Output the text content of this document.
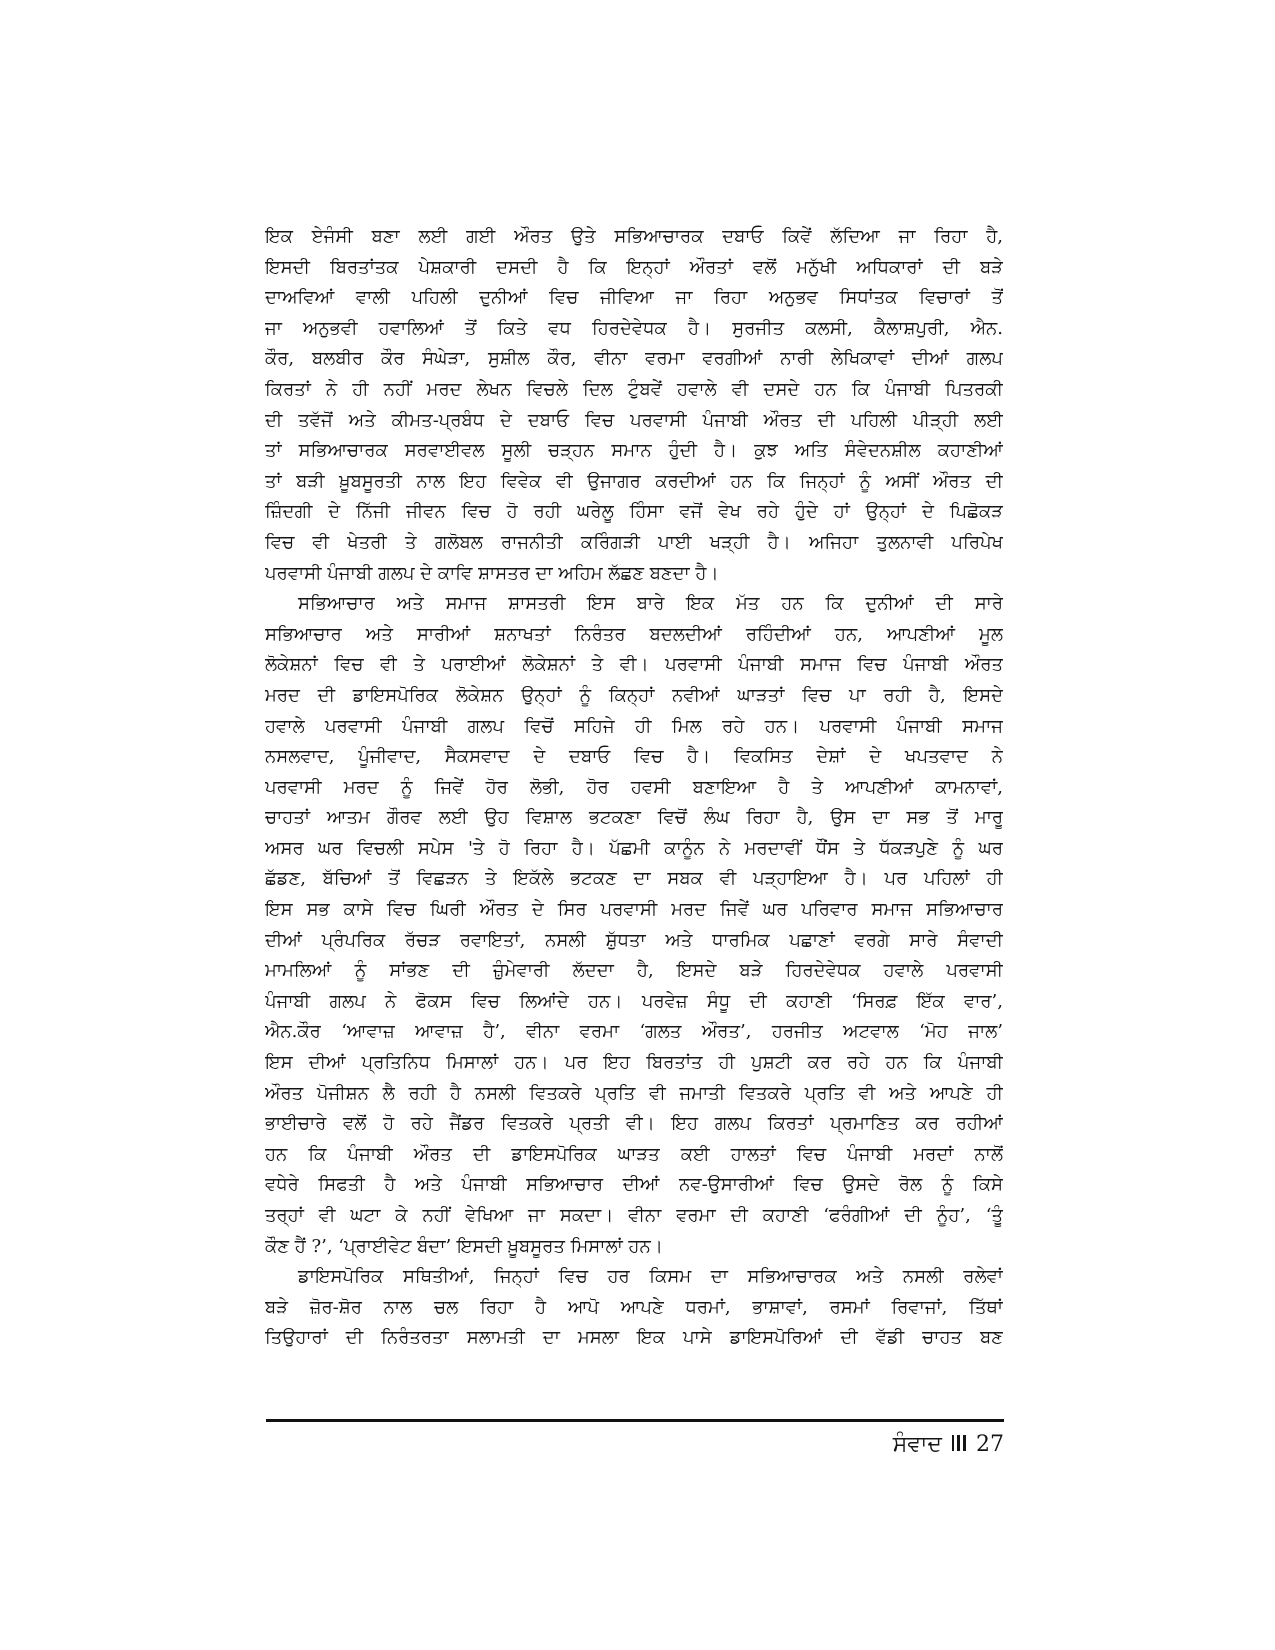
ਇਕ ਏਜੰਸੀ ਬਣਾ ਲਈ ਗਈ ਔਰਤ ਉਤੇ ਸਭਿਆਚਾਰਕ ਦਬਾਓ ਕਿਵੇਂ ਲੱਦਿਆ ਜਾ ਰਿਹਾ ਹੈ,
ਇਸਦੀ ਬਿਰਤਾਂਤਕ ਪੇਸ਼ਕਾਰੀ ਦਸਦੀ ਹੈ ਕਿ ਇਨ੍ਹਾਂ ਔਰਤਾਂ ਵਲੋਂ ਮਨੁੱਖੀ ਅਧਿਕਾਰਾਂ ਦੀ ਬੜੇ
ਦਾਅਵਿਆਂ ਵਾਲੀ ਪਹਿਲੀ ਦੁਨੀਆਂ ਵਿਚ ਜੀਵਿਆ ਜਾ ਰਿਹਾ ਅਨੁਭਵ ਸਿਧਾਂਤਕ ਵਿਚਾਰਾਂ ਤੋਂ
ਜਾ ਅਨੁਭਵੀ ਹਵਾਲਿਆਂ ਤੋਂ ਕਿਤੇ ਵਧ ਹਿਰਦੇਵੇਧਕ ਹੈ। ਸੁਰਜੀਤ ਕਲਸੀ, ਕੈਲਾਸ਼ਪੁਰੀ, ਐਨ.
ਕੌਰ, ਬਲਬੀਰ ਕੌਰ ਸੰਘੇੜਾ, ਸੁਸ਼ੀਲ ਕੌਰ, ਵੀਨਾ ਵਰਮਾ ਵਰਗੀਆਂ ਨਾਰੀ ਲੇਖਿਕਾਵਾਂ ਦੀਆਂ ਗਲਪ
ਕਿਰਤਾਂ ਨੇ ਹੀ ਨਹੀਂ ਮਰਦ ਲੇਖਨ ਵਿਚਲੇ ਦਿਲ ਟੁੰਬਵੇਂ ਹਵਾਲੇ ਵੀ ਦਸਦੇ ਹਨ ਕਿ ਪੰਜਾਬੀ ਪਿਤਰਕੀ
ਦੀ ਤਵੱਜੋਂ ਅਤੇ ਕੀਮਤ-ਪ੍ਰਬੰਧ ਦੇ ਦਬਾਓ ਵਿਚ ਪਰਵਾਸੀ ਪੰਜਾਬੀ ਔਰਤ ਦੀ ਪਹਿਲੀ ਪੀੜ੍ਹੀ ਲਈ
ਤਾਂ ਸਭਿਆਚਾਰਕ ਸਰਵਾਈਵਲ ਸੂਲੀ ਚੜ੍ਹਨ ਸਮਾਨ ਹੁੰਦੀ ਹੈ। ਕੁਝ ਅਤਿ ਸੰਵੇਦਨਸ਼ੀਲ ਕਹਾਣੀਆਂ
ਤਾਂ ਬੜੀ ਖ਼ੂਬਸੂਰਤੀ ਨਾਲ ਇਹ ਵਿਵੇਕ ਵੀ ਉਜਾਗਰ ਕਰਦੀਆਂ ਹਨ ਕਿ ਜਿਨ੍ਹਾਂ ਨੂੰ ਅਸੀਂ ਔਰਤ ਦੀ
ਜ਼ਿੰਦਗੀ ਦੇ ਨਿੱਜੀ ਜੀਵਨ ਵਿਚ ਹੋ ਰਹੀ ਘਰੇਲੂ ਹਿੰਸਾ ਵਜੋਂ ਵੇਖ ਰਹੇ ਹੁੰਦੇ ਹਾਂ ਉਨ੍ਹਾਂ ਦੇ ਪਿਛੋਕੜ
ਵਿਚ ਵੀ ਖੇਤਰੀ ਤੇ ਗਲੋਬਲ ਰਾਜਨੀਤੀ ਕਰਿੰਗੜੀ ਪਾਈ ਖੜ੍ਹੀ ਹੈ। ਅਜਿਹਾ ਤੁਲਨਾਵੀ ਪਰਿਪੇਖ
ਪਰਵਾਸੀ ਪੰਜਾਬੀ ਗਲਪ ਦੇ ਕਾਵਿ ਸ਼ਾਸਤਰ ਦਾ ਅਹਿਮ ਲੱਛਣ ਬਣਦਾ ਹੈ।

ਸਭਿਆਚਾਰ ਅਤੇ ਸਮਾਜ ਸ਼ਾਸਤਰੀ ਇਸ ਬਾਰੇ ਇਕ ਮੱਤ ਹਨ ਕਿ ਦੁਨੀਆਂ ਦੀ ਸਾਰੇ
ਸਭਿਆਚਾਰ ਅਤੇ ਸਾਰੀਆਂ ਸ਼ਨਾਖਤਾਂ ਨਿਰੰਤਰ ਬਦਲਦੀਆਂ ਰਹਿੰਦੀਆਂ ਹਨ, ਆਪਣੀਆਂ ਮੂਲ
ਲੋਕੇਸ਼ਨਾਂ ਵਿਚ ਵੀ ਤੇ ਪਰਾਈਆਂ ਲੋਕੇਸ਼ਨਾਂ ਤੇ ਵੀ। ਪਰਵਾਸੀ ਪੰਜਾਬੀ ਸਮਾਜ ਵਿਚ ਪੰਜਾਬੀ ਔਰਤ
ਮਰਦ ਦੀ ਡਾਇਸਪੋਰਿਕ ਲੋਕੇਸ਼ਨ ਉਨ੍ਹਾਂ ਨੂੰ ਕਿਨ੍ਹਾਂ ਨਵੀਆਂ ਘਾੜਤਾਂ ਵਿਚ ਪਾ ਰਹੀ ਹੈ, ਇਸਦੇ
ਹਵਾਲੇ ਪਰਵਾਸੀ ਪੰਜਾਬੀ ਗਲਪ ਵਿਚੋਂ ਸਹਿਜੇ ਹੀ ਮਿਲ ਰਹੇ ਹਨ। ਪਰਵਾਸੀ ਪੰਜਾਬੀ ਸਮਾਜ
ਨਸਲਵਾਦ, ਪੂੰਜੀਵਾਦ, ਸੈਕਸਵਾਦ ਦੇ ਦਬਾਓ ਵਿਚ ਹੈ। ਵਿਕਸਿਤ ਦੇਸ਼ਾਂ ਦੇ ਖਪਤਵਾਦ ਨੇ
ਪਰਵਾਸੀ ਮਰਦ ਨੂੰ ਜਿਵੇਂ ਹੋਰ ਲੋਭੀ, ਹੋਰ ਹਵਸੀ ਬਣਾਇਆ ਹੈ ਤੇ ਆਪਣੀਆਂ ਕਾਮਨਾਵਾਂ,
ਚਾਹਤਾਂ ਆਤਮ ਗੌਰਵ ਲਈ ਉਹ ਵਿਸ਼ਾਲ ਭਟਕਣਾ ਵਿਚੋਂ ਲੰਘ ਰਿਹਾ ਹੈ, ਉਸ ਦਾ ਸਭ ਤੋਂ ਮਾਰੂ
ਅਸਰ ਘਰ ਵਿਚਲੀ ਸਪੇਸ 'ਤੇ ਹੋ ਰਿਹਾ ਹੈ। ਪੱਛਮੀ ਕਾਨੂੰਨ ਨੇ ਮਰਦਾਵੀਂ ਧੌਂਸ ਤੇ ਧੱਕੜਪੁਣੇ ਨੂੰ ਘਰ
ਛੱਡਣ, ਬੱਚਿਆਂ ਤੋਂ ਵਿਛੜਨ ਤੇ ਇਕੱਲੇ ਭਟਕਣ ਦਾ ਸਬਕ ਵੀ ਪੜ੍ਹਾਇਆ ਹੈ। ਪਰ ਪਹਿਲਾਂ ਹੀ
ਇਸ ਸਭ ਕਾਸੇ ਵਿਚ ਘਿਰੀ ਔਰਤ ਦੇ ਸਿਰ ਪਰਵਾਸੀ ਮਰਦ ਜਿਵੇਂ ਘਰ ਪਰਿਵਾਰ ਸਮਾਜ ਸਭਿਆਚਾਰ
ਦੀਆਂ ਪ੍ਰੰਪਰਿਕ ਰੱਚੜ ਰਵਾਇਤਾਂ, ਨਸਲੀ ਸ਼ੁੱਧਤਾ ਅਤੇ ਧਾਰਮਿਕ ਪਛਾਣਾਂ ਵਰਗੇ ਸਾਰੇ ਸੰਵਾਦੀ
ਮਾਮਲਿਆਂ ਨੂੰ ਸਾਂਭਣ ਦੀ ਜ਼ੁੰਮੇਵਾਰੀ ਲੱਦਦਾ ਹੈ, ਇਸਦੇ ਬੜੇ ਹਿਰਦੇਵੇਧਕ ਹਵਾਲੇ ਪਰਵਾਸੀ
ਪੰਜਾਬੀ ਗਲਪ ਨੇ ਫੋਕਸ ਵਿਚ ਲਿਆਂਦੇ ਹਨ। ਪਰਵੇਜ਼ ਸੰਧੂ ਦੀ ਕਹਾਣੀ ‘ਸਿਰਫ਼ ਇੱਕ ਵਾਰ’,
ਐਨ.ਕੌਰ ‘ਆਵਾਜ਼ ਆਵਾਜ਼ ਹੈ’, ਵੀਨਾ ਵਰਮਾ ‘ਗਲਤ ਔਰਤ’, ਹਰਜੀਤ ਅਟਵਾਲ ‘ਮੋਹ ਜਾਲ’
ਇਸ ਦੀਆਂ ਪ੍ਰਤਿਨਿਧ ਮਿਸਾਲਾਂ ਹਨ। ਪਰ ਇਹ ਬਿਰਤਾਂਤ ਹੀ ਪੁਸ਼ਟੀ ਕਰ ਰਹੇ ਹਨ ਕਿ ਪੰਜਾਬੀ
ਔਰਤ ਪੋਜੀਸ਼ਨ ਲੈ ਰਹੀ ਹੈ ਨਸਲੀ ਵਿਤਕਰੇ ਪ੍ਰਤਿ ਵੀ ਜਮਾਤੀ ਵਿਤਕਰੇ ਪ੍ਰਤਿ ਵੀ ਅਤੇ ਆਪਣੇ ਹੀ
ਭਾਈਚਾਰੇ ਵਲੋਂ ਹੋ ਰਹੇ ਜੈਂਡਰ ਵਿਤਕਰੇ ਪ੍ਰਤੀ ਵੀ। ਇਹ ਗਲਪ ਕਿਰਤਾਂ ਪ੍ਰਮਾਣਿਤ ਕਰ ਰਹੀਆਂ
ਹਨ ਕਿ ਪੰਜਾਬੀ ਔਰਤ ਦੀ ਡਾਇਸਪੋਰਿਕ ਘਾੜਤ ਕਈ ਹਾਲਤਾਂ ਵਿਚ ਪੰਜਾਬੀ ਮਰਦਾਂ ਨਾਲੋਂ
ਵਧੇਰੇ ਸਿਫਤੀ ਹੈ ਅਤੇ ਪੰਜਾਬੀ ਸਭਿਆਚਾਰ ਦੀਆਂ ਨਵ-ਉਸਾਰੀਆਂ ਵਿਚ ਉਸਦੇ ਰੋਲ ਨੂੰ ਕਿਸੇ
ਤਰ੍ਹਾਂ ਵੀ ਘਟਾ ਕੇ ਨਹੀਂ ਵੇਖਿਆ ਜਾ ਸਕਦਾ। ਵੀਨਾ ਵਰਮਾ ਦੀ ਕਹਾਣੀ ‘ਫਰੰਗੀਆਂ ਦੀ ਨੂੰਹ’, ‘ਤੂੰ
ਕੌਣ ਹੈਂ ?’, ‘ਪ੍ਰਾਈਵੇਟ ਬੰਦਾ’ ਇਸਦੀ ਖ਼ੂਬਸੂਰਤ ਮਿਸਾਲਾਂ ਹਨ।

ਡਾਇਸਪੋਰਿਕ ਸਥਿਤੀਆਂ, ਜਿਨ੍ਹਾਂ ਵਿਚ ਹਰ ਕਿਸਮ ਦਾ ਸਭਿਆਚਾਰਕ ਅਤੇ ਨਸਲੀ ਰਲੇਵਾਂ
ਬੜੇ ਜ਼ੋਰ-ਸ਼ੋਰ ਨਾਲ ਚਲ ਰਿਹਾ ਹੈ ਆਪੋ ਆਪਣੇ ਧਰਮਾਂ, ਭਾਸ਼ਾਵਾਂ, ਰਸਮਾਂ ਰਿਵਾਜਾਂ, ਤਿੱਥਾਂ
ਤਿਉਹਾਰਾਂ ਦੀ ਨਿਰੰਤਰਤਾ ਸਲਾਮਤੀ ਦਾ ਮਸਲਾ ਇਕ ਪਾਸੇ ਡਾਇਸਪੋਰਿਆਂ ਦੀ ਵੱਡੀ ਚਾਹਤ ਬਣ

ਸੰਵਾਦ 27
